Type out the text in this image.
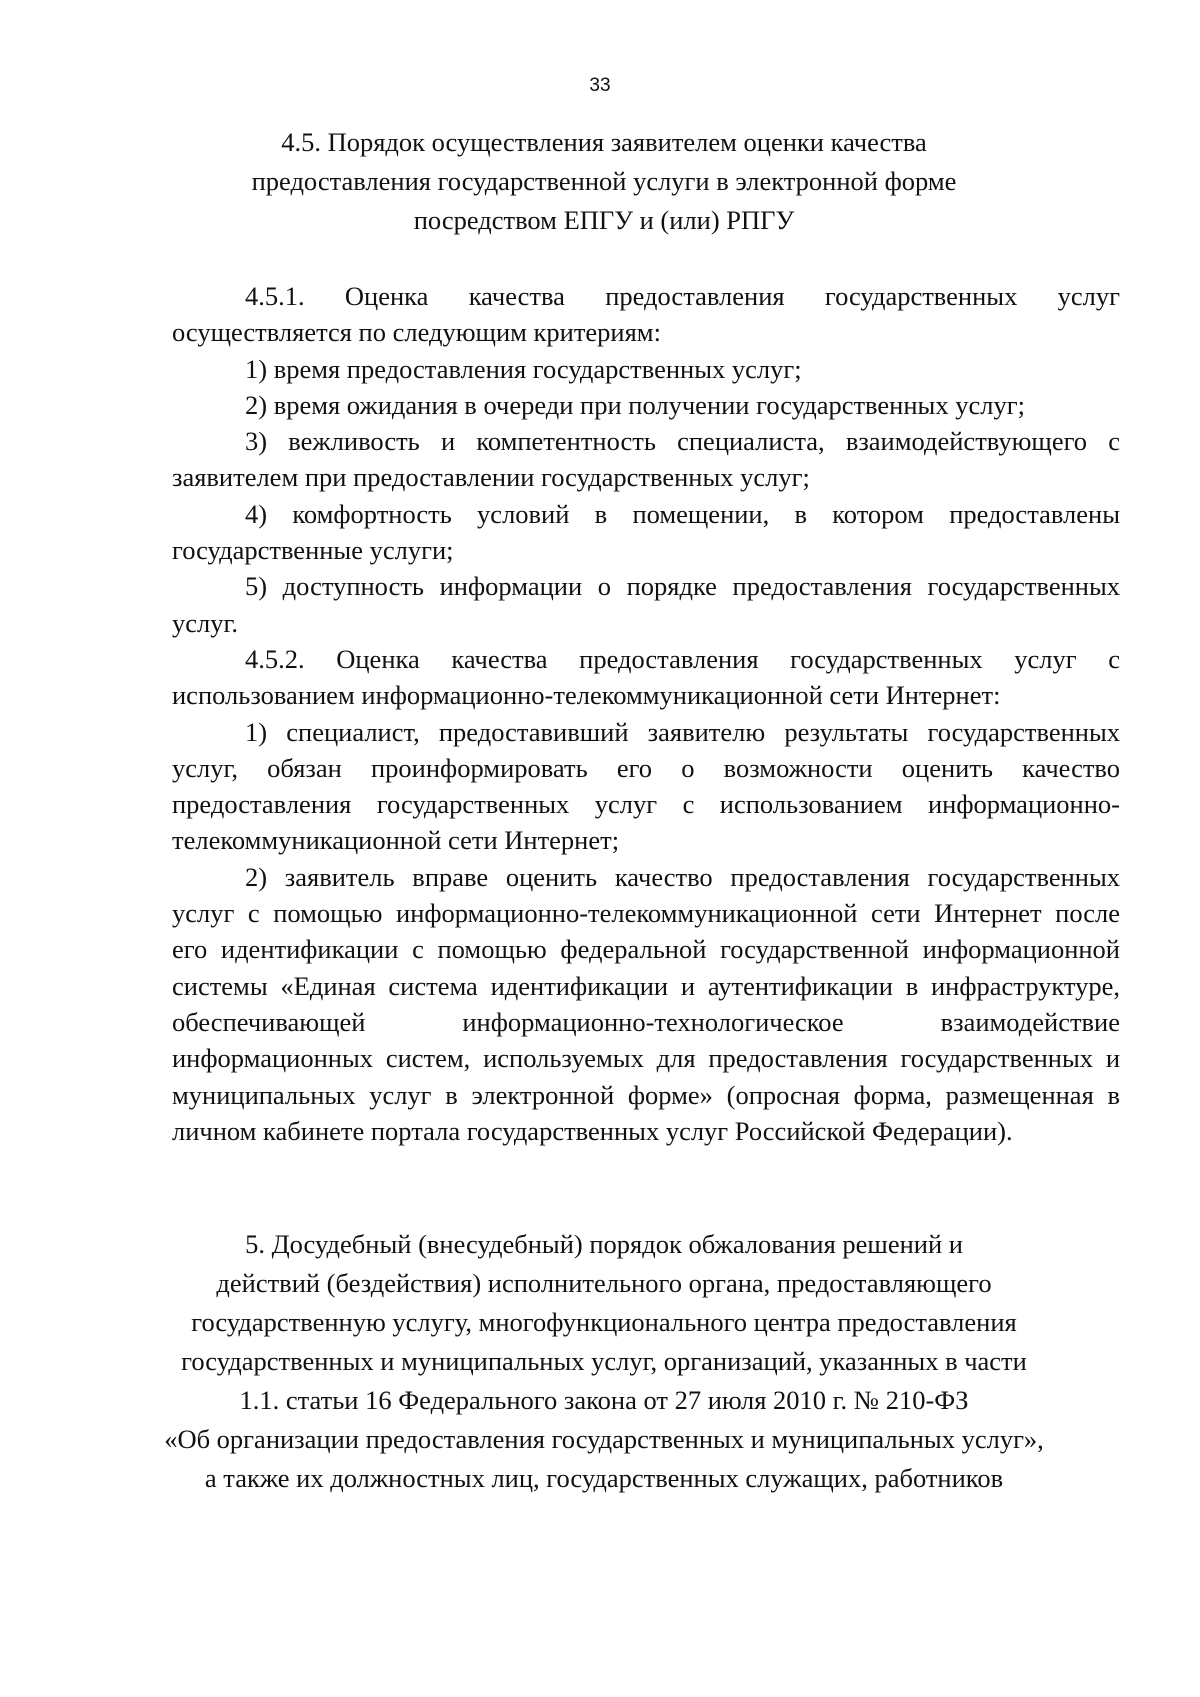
33
4.5. Порядок осуществления заявителем оценки качества
предоставления государственной услуги в электронной форме
посредством ЕПГУ и (или) РПГУ

4.5.1. Оценка качества предоставления государственных услуг осуществляется по следующим критериям:

1) время предоставления государственных услуг;

2) время ожидания в очереди при получении государственных услуг;

3) вежливость и компетентность специалиста, взаимодействующего с заявителем при предоставлении государственных услуг;

4) комфортность условий в помещении, в котором предоставлены государственные услуги;

5) доступность информации о порядке предоставления государственных услуг.

4.5.2. Оценка качества предоставления государственных услуг с использованием информационно-телекоммуникационной сети Интернет:

1) специалист, предоставивший заявителю результаты государственных услуг, обязан проинформировать его о возможности оценить качество предоставления государственных услуг с использованием информационно-телекоммуникационной сети Интернет;

2) заявитель вправе оценить качество предоставления государственных услуг с помощью информационно-телекоммуникационной сети Интернет после его идентификации с помощью федеральной государственной информационной системы «Единая система идентификации и аутентификации в инфраструктуре, обеспечивающей информационно-технологическое взаимодействие информационных систем, используемых для предоставления государственных и муниципальных услуг в электронной форме» (опросная форма, размещенная в личном кабинете портала государственных услуг Российской Федерации).

5. Досудебный (внесудебный) порядок обжалования решений и
действий (бездействия) исполнительного органа, предоставляющего
государственную услугу, многофункционального центра предоставления
государственных и муниципальных услуг, организаций, указанных в части
1.1. статьи 16 Федерального закона от 27 июля 2010 г. № 210-ФЗ
«Об организации предоставления государственных и муниципальных услуг»,
а также их должностных лиц, государственных служащих, работников
